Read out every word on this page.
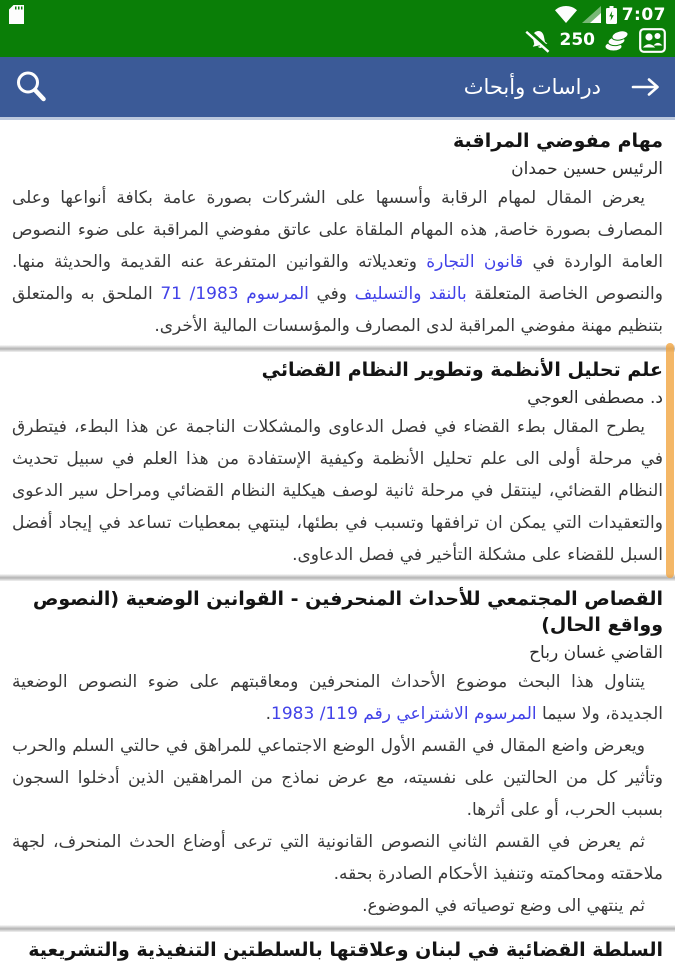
7:07
250
دراسات وأبحاث
مهام مفوضي المراقبة
الرئيس حسين حمدان

يعرض المقال لمهام الرقابة وأسسها على الشركات بصورة عامة بكافة أنواعها وعلى المصارف بصورة خاصة, هذه المهام الملقاة على عاتق مفوضي المراقبة على ضوء النصوص العامة الواردة في قانون التجارة وتعديلاته والقوانين المتفرعة عنه القديمة والحديثة منها. والنصوص الخاصة المتعلقة بالنقد والتسليف وفي المرسوم 1983/ 71 الملحق به والمتعلق بتنظيم مهنة مفوضي المراقبة لدى المصارف والمؤسسات المالية الأخرى.

علم تحليل الأنظمة وتطوير النظام القضائي
د. مصطفى العوجي

يطرح المقال بطء القضاء في فصل الدعاوى والمشكلات الناجمة عن هذا البطء، فيتطرق في مرحلة أولى الى علم تحليل الأنظمة وكيفية الإستفادة من هذا العلم في سبيل تحديث النظام القضائي، لينتقل في مرحلة ثانية لوصف هيكلية النظام القضائي ومراحل سير الدعوى والتعقيدات التي يمكن ان ترافقها وتسبب في بطئها، لينتهي بمعطيات تساعد في إيجاد أفضل السبل للقضاء على مشكلة التأخير في فصل الدعاوى.

القصاص المجتمعي للأحداث المنحرفين - القوانين الوضعية (النصوص وواقع الحال)
القاضي غسان رباح

يتناول هذا البحث موضوع الأحداث المنحرفين ومعاقبتهم على ضوء النصوص الوضعية الجديدة، ولا سيما المرسوم الاشتراعي رقم 119/ 1983.

ويعرض واضع المقال في القسم الأول الوضع الاجتماعي للمراهق في حالتي السلم والحرب وتأثير كل من الحالتين على نفسيته، مع عرض نماذج من المراهقين الذين أدخلوا السجون بسبب الحرب، أو على أثرها.

ثم يعرض في القسم الثاني النصوص القانونية التي ترعى أوضاع الحدث المنحرف، لجهة ملاحقته ومحاكمته وتنفيذ الأحكام الصادرة بحقه.

ثم ينتهي الى وضع توصياته في الموضوع.

السلطة القضائية في لبنان وعلاقتها بالسلطتين التنفيذية والتشريعية
